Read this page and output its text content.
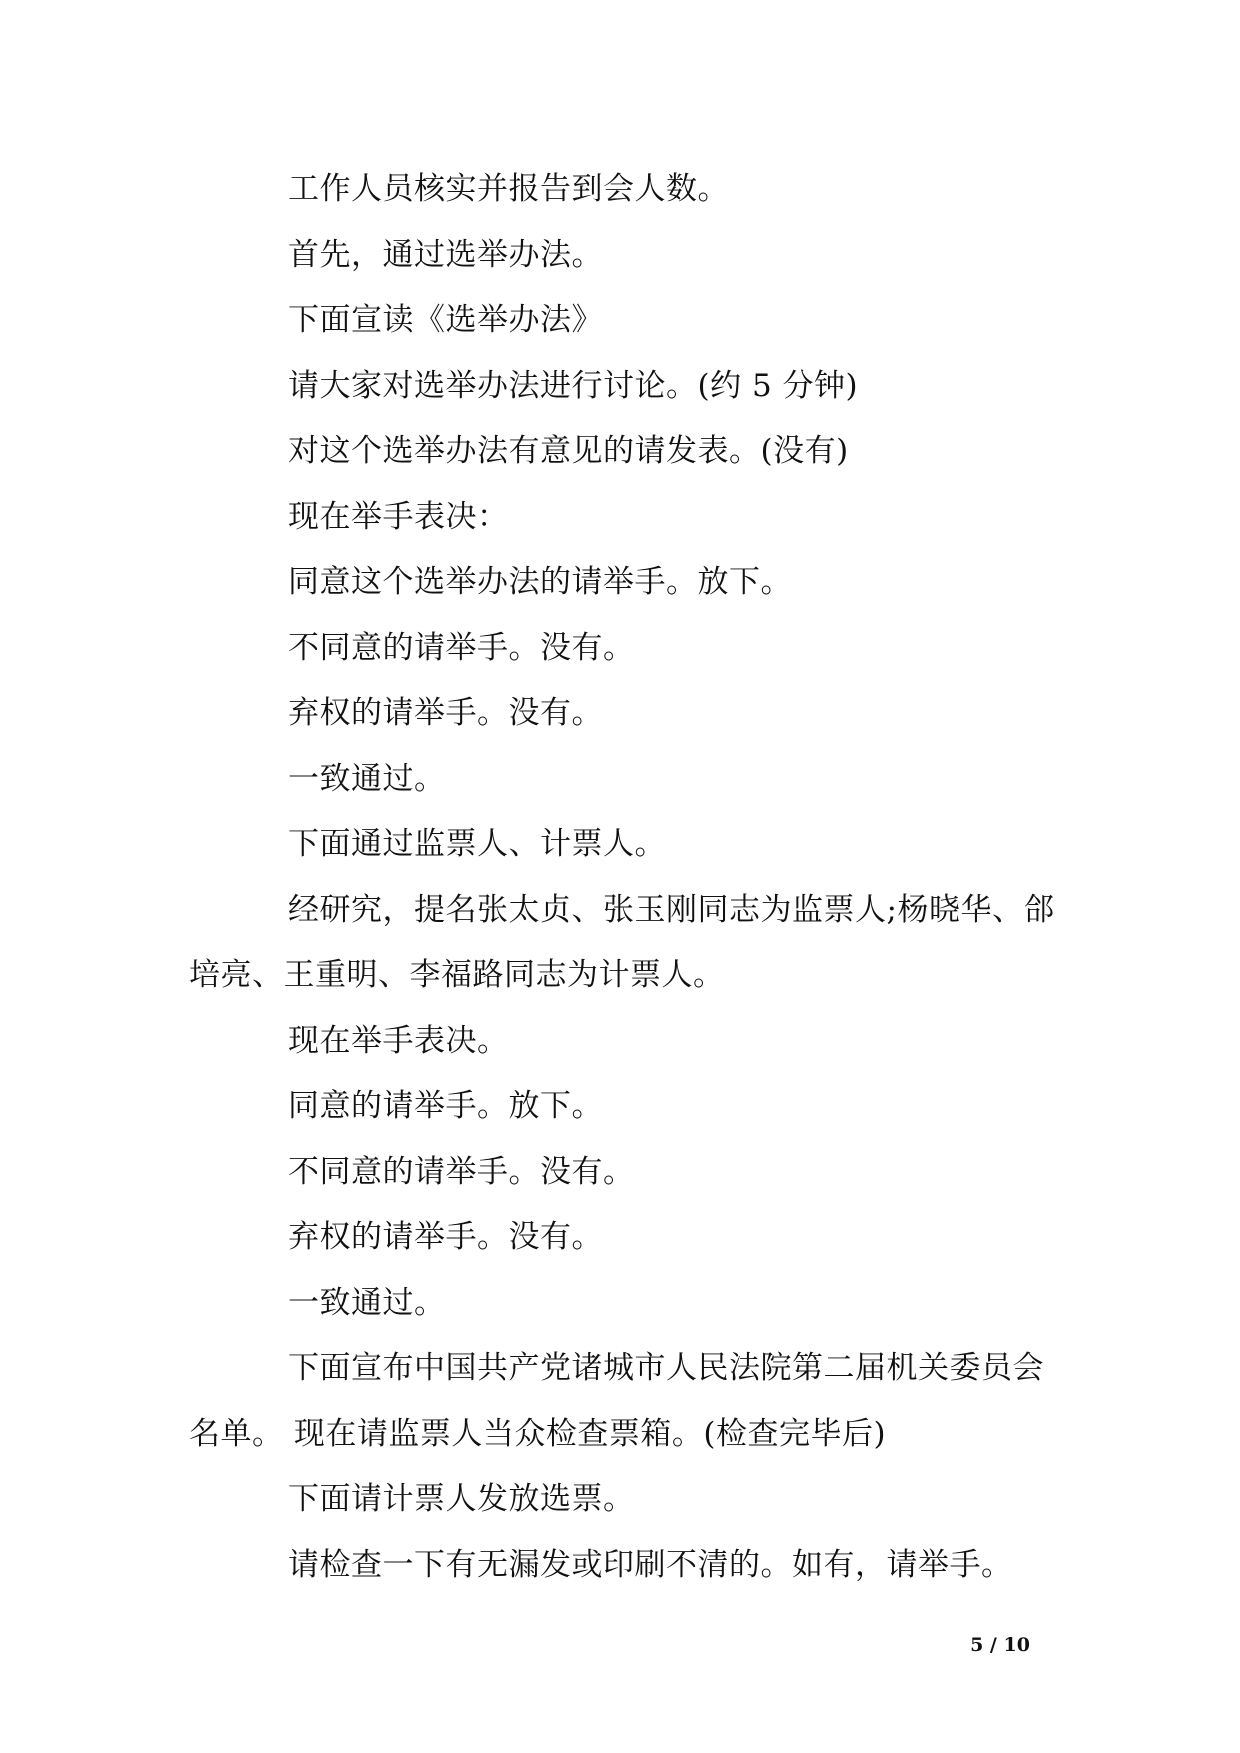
工作人员核实并报告到会人数。

首先，通过选举办法。

下面宣读《选举办法》

请大家对选举办法进行讨论。(约 5 分钟)

对这个选举办法有意见的请发表。(没有)

现在举手表决：

同意这个选举办法的请举手。放下。

不同意的请举手。没有。

弃权的请举手。没有。

一致通过。

下面通过监票人、计票人。

经研究，提名张太贞、张玉刚同志为监票人;杨晓华、郃培亮、王重明、李福路同志为计票人。

现在举手表决。

同意的请举手。放下。

不同意的请举手。没有。

弃权的请举手。没有。

一致通过。

下面宣布中国共产党诸城市人民法院第二届机关委员会名单。 现在请监票人当众检查票箱。(检查完毕后)

下面请计票人发放选票。

请检查一下有无漏发或印刷不清的。如有，请举手。

5 / 10
